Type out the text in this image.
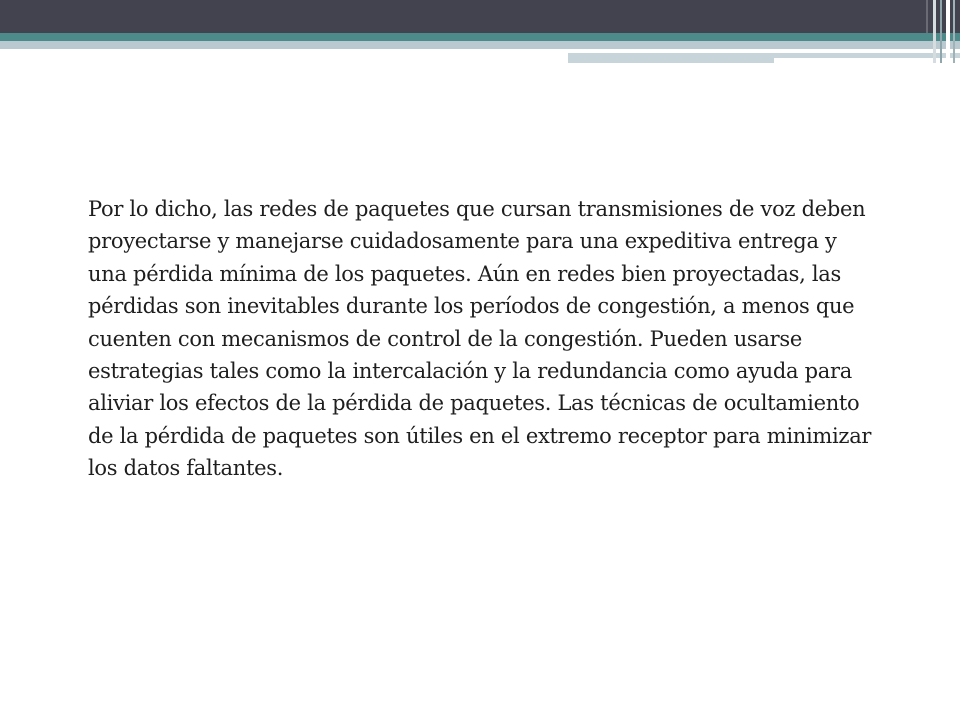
Por lo dicho, las redes de paquetes que cursan transmisiones de voz deben proyectarse y manejarse cuidadosamente para una expeditiva entrega y una pérdida mínima de los paquetes. Aún en redes bien proyectadas, las pérdidas son inevitables durante los períodos de congestión, a menos que cuenten con mecanismos de control de la congestión. Pueden usarse estrategias tales como la intercalación y la redundancia como ayuda para aliviar los efectos de la pérdida de paquetes. Las técnicas de ocultamiento de la pérdida de paquetes son útiles en el extremo receptor para minimizar los datos faltantes.
